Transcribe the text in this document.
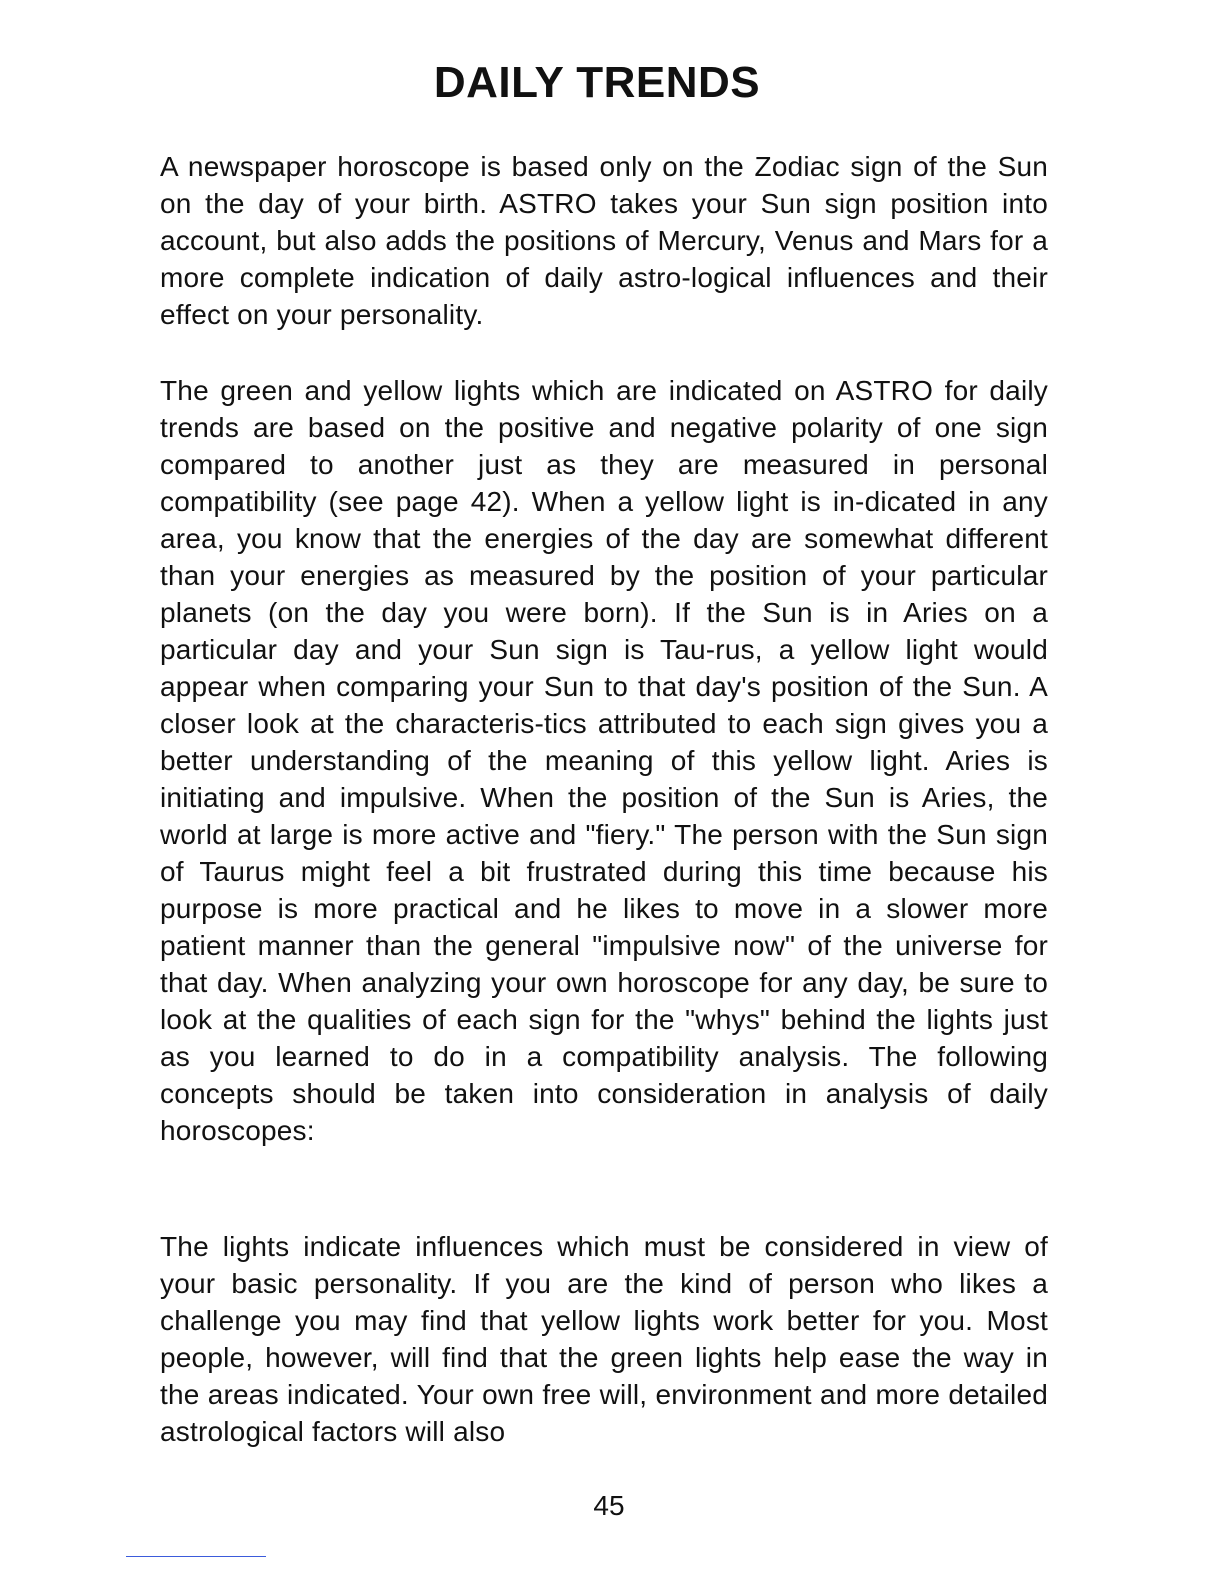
DAILY TRENDS

A newspaper horoscope is based only on the Zodiac sign of the Sun on the day of your birth. ASTRO takes your Sun sign position into account, but also adds the positions of Mercury, Venus and Mars for a more complete indication of daily astro-logical influences and their effect on your personality.

The green and yellow lights which are indicated on ASTRO for daily trends are based on the positive and negative polarity of one sign compared to another just as they are measured in personal compatibility (see page 42). When a yellow light is in-dicated in any area, you know that the energies of the day are somewhat different than your energies as measured by the position of your particular planets (on the day you were born). If the Sun is in Aries on a particular day and your Sun sign is Tau-rus, a yellow light would appear when comparing your Sun to that day's position of the Sun. A closer look at the characteris-tics attributed to each sign gives you a better understanding of the meaning of this yellow light. Aries is initiating and impulsive. When the position of the Sun is Aries, the world at large is more active and "fiery." The person with the Sun sign of Taurus might feel a bit frustrated during this time because his purpose is more practical and he likes to move in a slower more patient manner than the general "impulsive now" of the universe for that day. When analyzing your own horoscope for any day, be sure to look at the qualities of each sign for the "whys" behind the lights just as you learned to do in a compatibility analysis. The following concepts should be taken into consideration in analysis of daily horoscopes:

The lights indicate influences which must be considered in view of your basic personality. If you are the kind of person who likes a challenge you may find that yellow lights work better for you. Most people, however, will find that the green lights help ease the way in the areas indicated. Your own free will, environment and more detailed astrological factors will also

45
